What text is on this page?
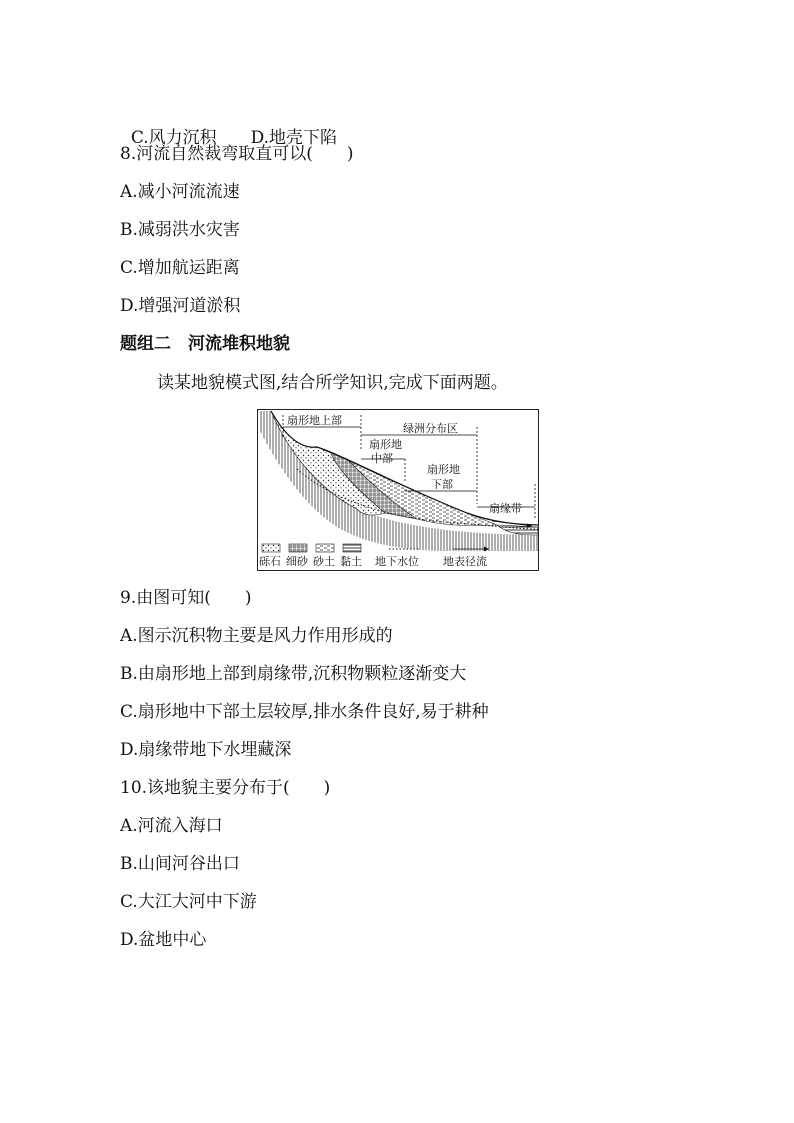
C.风力沉积 D.地壳下陷

8.河流自然裁弯取直可以(　　)
A.减小河流流速
B.减弱洪水灾害
C.增加航运距离
D.增强河道淤积
题组二　河流堆积地貌
读某地貌模式图,结合所学知识,完成下面两题。
扇形地上部
绿洲分布区
扇形地
中部
扇形地
下部
扇缘带
砾石 细砂 砂土 黏土 地下水位 地表径流
9.由图可知(　　)
A.图示沉积物主要是风力作用形成的
B.由扇形地上部到扇缘带,沉积物颗粒逐渐变大
C.扇形地中下部土层较厚,排水条件良好,易于耕种
D.扇缘带地下水埋藏深
10.该地貌主要分布于(　　)
A.河流入海口
B.山间河谷出口
C.大江大河中下游
D.盆地中心
